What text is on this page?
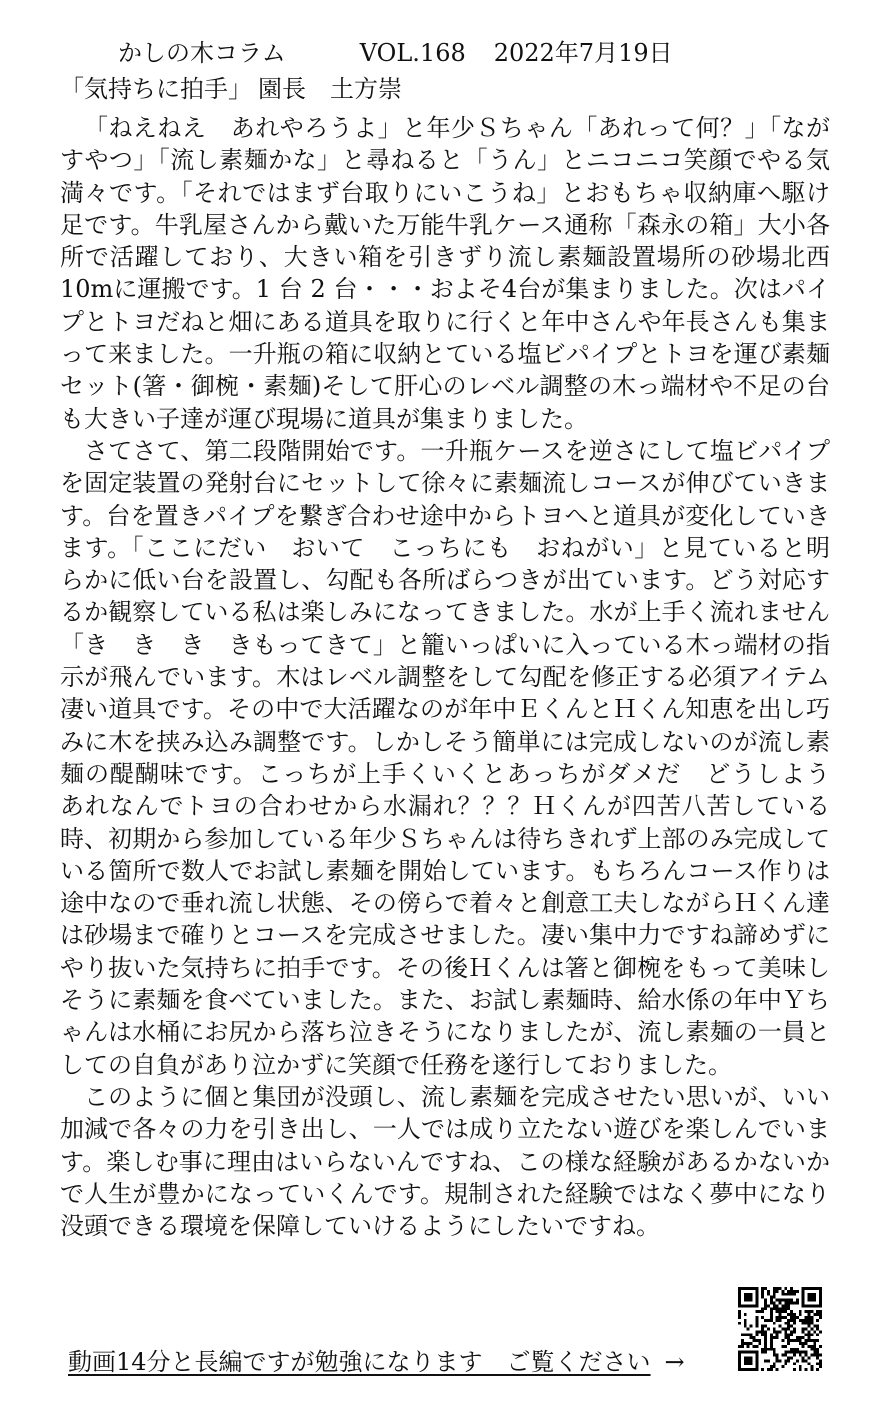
かしの木コラム	VOL.168 2022年7月19日
「気持ちに拍手」 園長　土方崇

「ねえねえ　あれやろうよ」と年少Ｓちゃん「あれって何？」「ながすやつ」「流し素麺かな」と尋ねると「うん」とニコニコ笑顔でやる気満々です。「それではまず台取りにいこうね」とおもちゃ収納庫へ駆け足です。牛乳屋さんから戴いた万能牛乳ケース通称「森永の箱」大小各所で活躍しており、大きい箱を引きずり流し素麺設置場所の砂場北西 10mに運搬です。1 台 2 台・・・およそ4台が集まりました。次はパイプとトヨだねと畑にある道具を取りに行くと年中さんや年長さんも集まって来ました。一升瓶の箱に収納とている塩ビパイプとトヨを運び素麺セット(箸・御椀・素麺)そして肝心のレベル調整の木っ端材や不足の台も大きい子達が運び現場に道具が集まりました。

さてさて、第二段階開始です。一升瓶ケースを逆さにして塩ビパイプを固定装置の発射台にセットして徐々に素麺流しコースが伸びていきます。台を置きパイプを繋ぎ合わせ途中からトヨへと道具が変化していきます。「ここにだい　おいて　こっちにも　おねがい」と見ていると明らかに低い台を設置し、勾配も各所ばらつきが出ています。どう対応するか観察している私は楽しみになってきました。水が上手く流れません「き　き　き　きもってきて」と籠いっぱいに入っている木っ端材の指示が飛んでいます。木はレベル調整をして勾配を修正する必須アイテム凄い道具です。その中で大活躍なのが年中ＥくんとＨくん知恵を出し巧みに木を挟み込み調整です。しかしそう簡単には完成しないのが流し素麺の醍醐味です。こっちが上手くいくとあっちがダメだ　どうしよう　あれなんでトヨの合わせから水漏れ？？？Ｈくんが四苦八苦している時、初期から参加している年少Ｓちゃんは待ちきれず上部のみ完成している箇所で数人でお試し素麺を開始しています。もちろんコース作りは途中なので垂れ流し状態、その傍らで着々と創意工夫しながらＨくん達は砂場まで確りとコースを完成させました。凄い集中力ですね諦めずにやり抜いた気持ちに拍手です。その後Ｈくんは箸と御椀をもって美味しそうに素麺を食べていました。また、お試し素麺時、給水係の年中Ｙちゃんは水桶にお尻から落ち泣きそうになりましたが、流し素麺の一員としての自負があり泣かずに笑顔で任務を遂行しておりました。

このように個と集団が没頭し、流し素麺を完成させたい思いが、いい加減で各々の力を引き出し、一人では成り立たない遊びを楽しんでいます。楽しむ事に理由はいらないんですね、この様な経験があるかないかで人生が豊かになっていくんです。規制された経験ではなく夢中になり没頭できる環境を保障していけるようにしたいですね。

動画14分と長編ですが勉強になります　ご覧ください →
